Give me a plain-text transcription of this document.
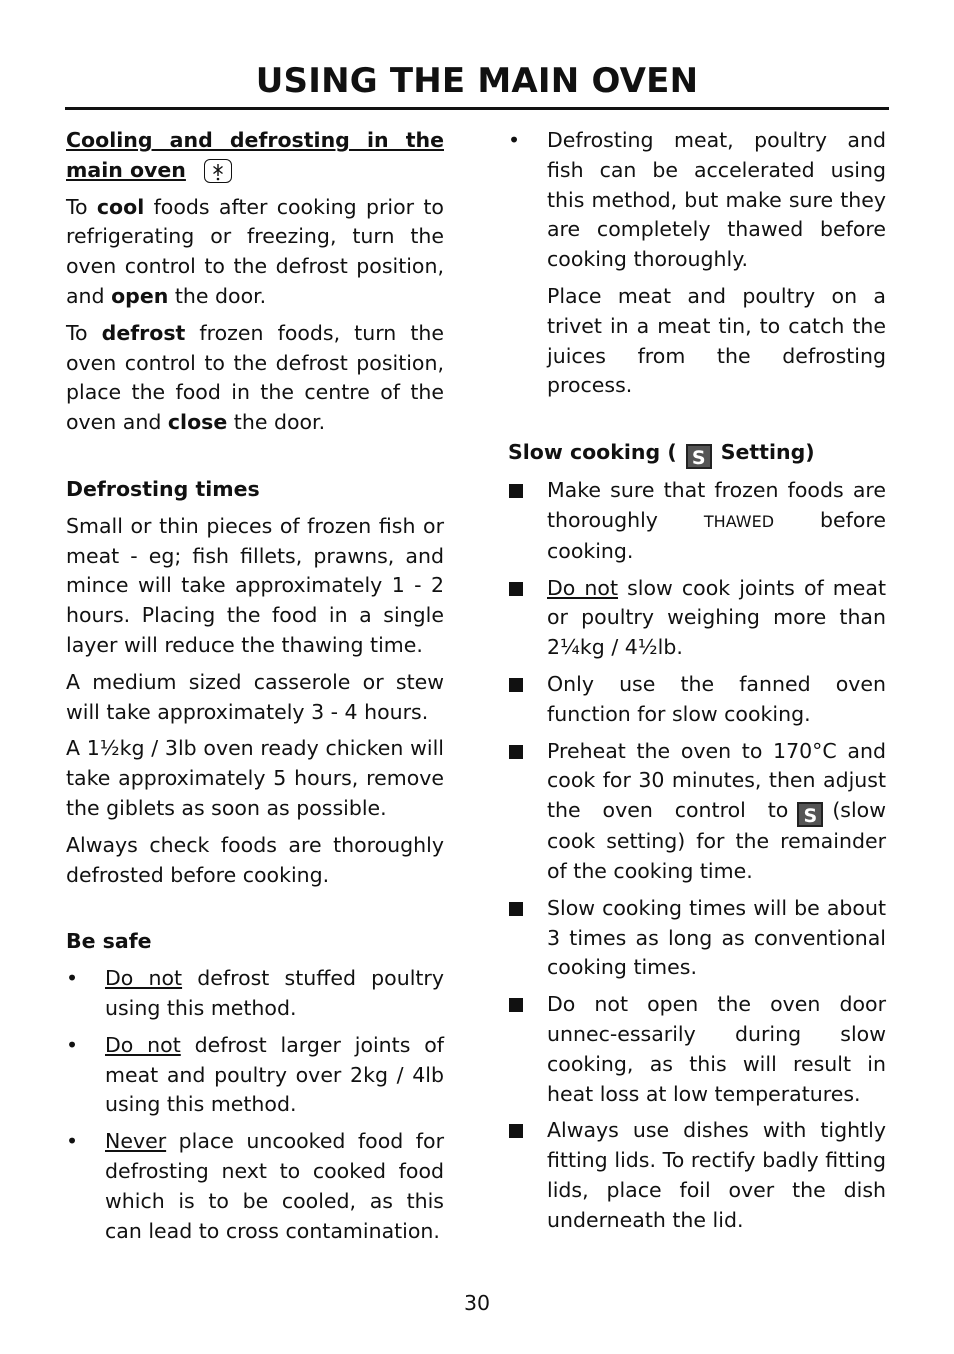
USING THE MAIN OVEN
Cooling and defrosting in the main oven

To cool foods after cooking prior to refrigerating or freezing, turn the oven control to the defrost position, and open the door.

To defrost frozen foods, turn the oven control to the defrost position, place the food in the centre of the oven and close the door.

Defrosting times

Small or thin pieces of frozen fish or meat - eg; fish fillets, prawns, and mince will take approximately 1 - 2 hours. Placing the food in a single layer will reduce the thawing time.

A medium sized casserole or stew will take approximately 3 - 4 hours.

A 1½kg / 3lb oven ready chicken will take approximately 5 hours, remove the giblets as soon as possible.

Always check foods are thoroughly defrosted before cooking.

Be safe
•	Do not defrost stuffed poultry using this method.
•	Do not defrost larger joints of meat and poultry over 2kg / 4lb using this method.
•	Never place uncooked food for defrosting next to cooked food which is to be cooled, as this can lead to cross contamination.
•	Defrosting meat, poultry and fish can be accelerated using this method, but make sure they are completely thawed before cooking thoroughly.
Place meat and poultry on a trivet in a meat tin, to catch the juices from the defrosting process.
Slow cooking ( S Setting)
Make sure that frozen foods are thoroughly THAWED before cooking.
Do not slow cook joints of meat or poultry weighing more than 2¼kg / 4½lb.
Only use the fanned oven function for slow cooking.
Preheat the oven to 170°C and cook for 30 minutes, then adjust the oven control to S (slow cook setting) for the remainder of the cooking time.
Slow cooking times will be about 3 times as long as conventional cooking times.
Do not open the oven door unnec-essarily during slow cooking, as this will result in heat loss at low temperatures.
Always use dishes with tightly fitting lids. To rectify badly fitting lids, place foil over the dish underneath the lid.
30
